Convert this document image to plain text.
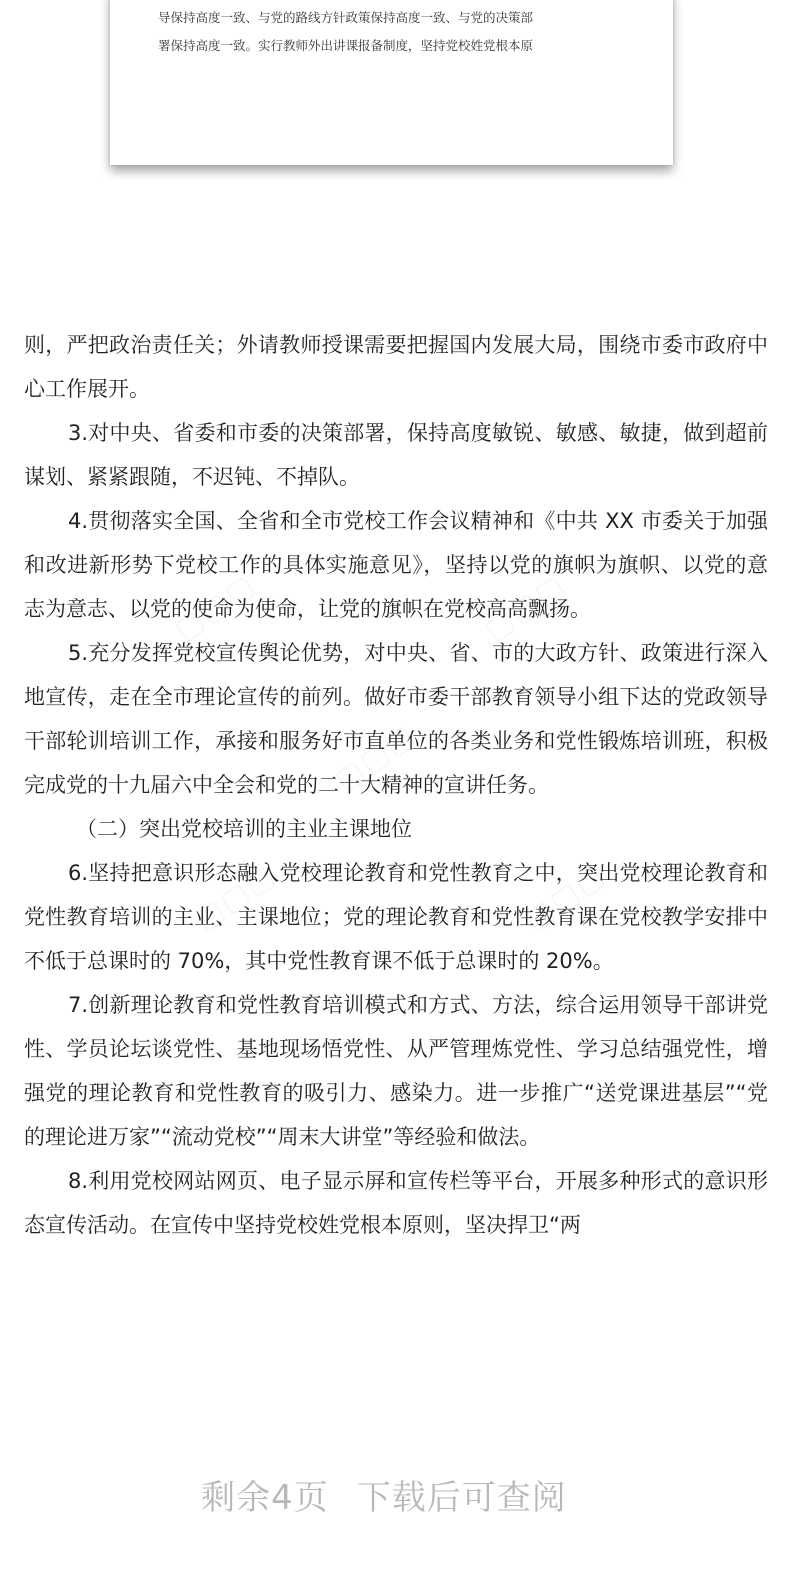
导保持高度一致、与党的路线方针政策保持高度一致、与党的决策部
署保持高度一致。实行教师外出讲课报备制度，坚持党校姓党根本原

则，严把政治责任关；外请教师授课需要把握国内发展大局，围绕市委市政府中心工作展开。

3.对中央、省委和市委的决策部署，保持高度敏锐、敏感、敏捷，做到超前谋划、紧紧跟随，不迟钝、不掉队。

4.贯彻落实全国、全省和全市党校工作会议精神和《中共 XX 市委关于加强和改进新形势下党校工作的具体实施意见》，坚持以党的旗帜为旗帜、以党的意志为意志、以党的使命为使命，让党的旗帜在党校高高飘扬。

5.充分发挥党校宣传舆论优势，对中央、省、市的大政方针、政策进行深入地宣传，走在全市理论宣传的前列。做好市委干部教育领导小组下达的党政领导干部轮训培训工作，承接和服务好市直单位的各类业务和党性锻炼培训班，积极完成党的十九届六中全会和党的二十大精神的宣讲任务。

（二）突出党校培训的主业主课地位

6.坚持把意识形态融入党校理论教育和党性教育之中，突出党校理论教育和党性教育培训的主业、主课地位；党的理论教育和党性教育课在党校教学安排中不低于总课时的 70%，其中党性教育课不低于总课时的 20%。

7.创新理论教育和党性教育培训模式和方式、方法，综合运用领导干部讲党性、学员论坛谈党性、基地现场悟党性、从严管理炼党性、学习总结强党性，增强党的理论教育和党性教育的吸引力、感染力。进一步推广“送党课进基层”“党的理论进万家”“流动党校”“周末大讲堂”等经验和做法。

8.利用党校网站网页、电子显示屏和宣传栏等平台，开展多种形式的意识形态宣传活动。在宣传中坚持党校姓党根本原则，坚决捍卫“两

剩余4页 下载后可查阅
